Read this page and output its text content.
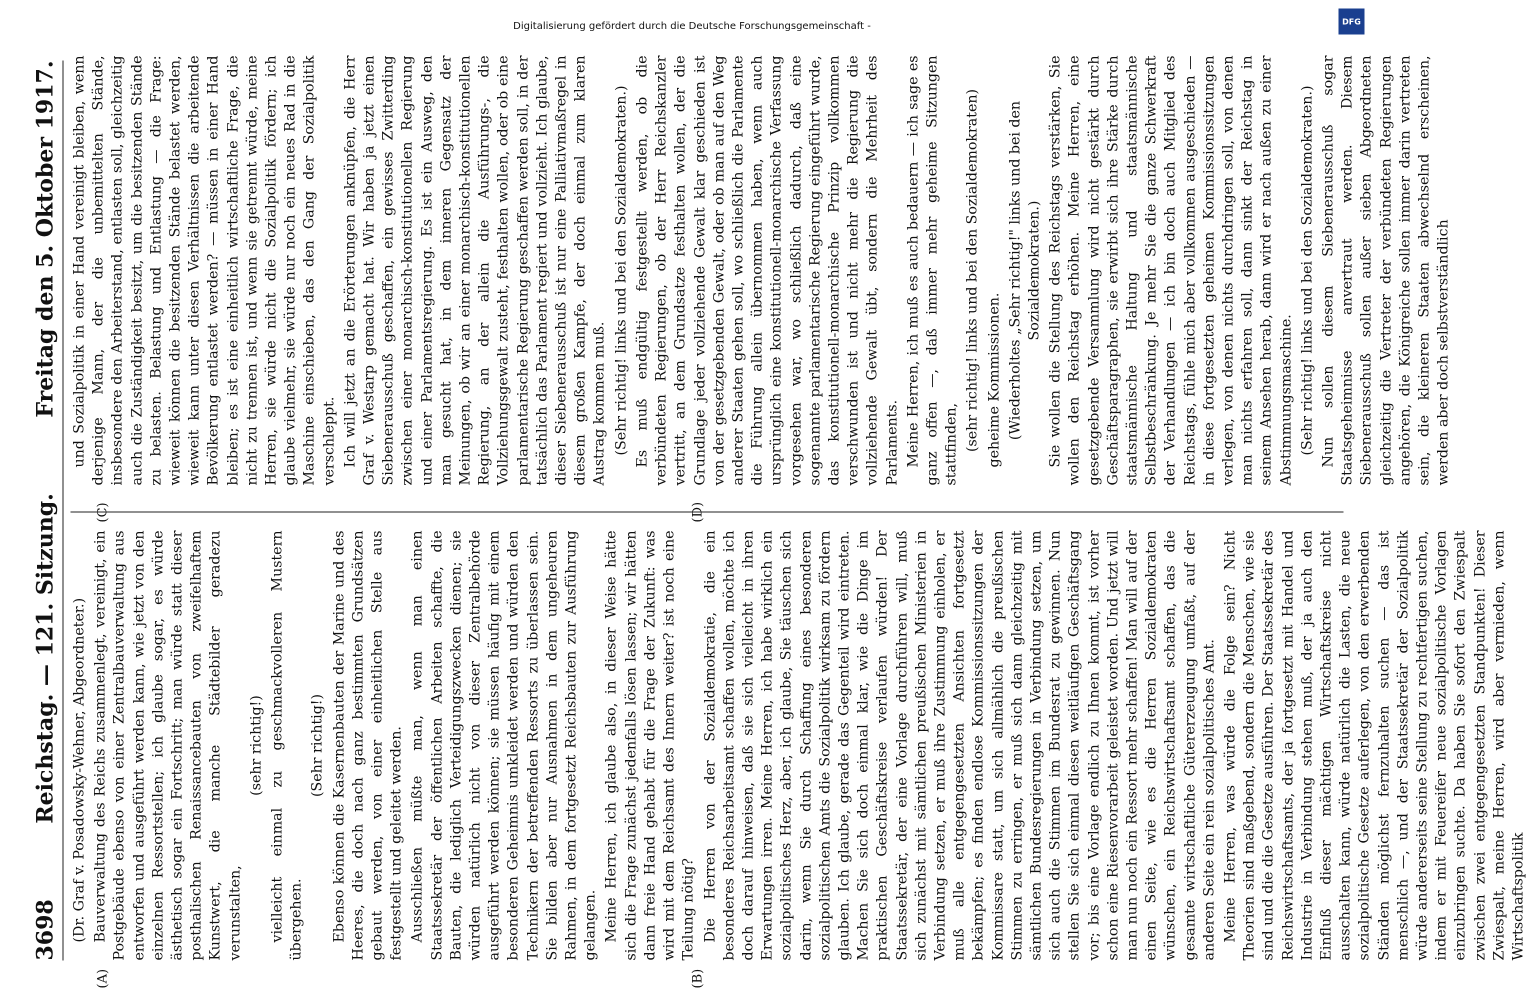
3698
Reichstag. — 121. Sitzung.
Freitag den 5. Oktober 1917.
(A)	(B)
(C)	(D)

(Dr. Graf v. Posadowsky-Wehner, Abgeordneter.) Bauverwaltung des Reichs zusammenlegt, vereinigt, ein Postgebäude ebenso von einer Zentralbauverwaltung aus entworfen und ausgeführt werden kann, wie jetzt von den einzelnen Ressortstellen; ich glaube sogar, es würde ästhetisch sogar ein Fortschritt; man würde statt dieser posthalischen Renaissancebauten von zweifelhaftem Kunstwert, die manche Städtebilder geradezu verunstalten,

(sehr richtig!) vielleicht einmal zu geschmackvolleren Mustern übergehen.

(Sehr richtig!) Ebenso können die Kasernenbauten der Marine und des Heeres, die doch nach ganz bestimmten Grundsätzen gebaut werden, von einer einheitlichen Stelle aus festgestellt und geleitet werden. Ausschließen müßte man, wenn man einen Staatssekretär der öffentlichen Arbeiten schaffte, die Bauten, die lediglich Verteidigungszwecken dienen; sie würden natürlich nicht von dieser Zentralbehörde ausgeführt werden können; sie müssen häufig mit einem besonderen Geheimnis umkleidet werden und würden den Technikern der betreffenden Ressorts zu überlassen sein. Sie bilden aber nur Ausnahmen in dem ungeheuren Rahmen, in dem fortgesetzt Reichsbauten zur Ausführung gelangen. Meine Herren, ich glaube also, in dieser Weise hätte sich die Frage zunächst jedenfalls lösen lassen; wir hätten dann freie Hand gehabt für die Frage der Zukunft: was wird mit dem Reichsamt des Innern weiter? ist noch eine Teilung nötig? Die Herren von der Sozialdemokratie, die ein besonderes Reichsarbeitsamt schaffen wollen, möchte ich doch darauf hinweisen, daß sie sich vielleicht in ihren Erwartungen irren. Meine Herren, ich habe wirklich ein sozialpolitisches Herz, aber, ich glaube, Sie täuschen sich darin, wenn Sie durch Schaffung eines besonderen sozialpolitischen Amts die Sozialpolitik wirksam zu fördern glauben. Ich glaube, gerade das Gegenteil wird eintreten. Machen Sie sich doch einmal klar, wie die Dinge im praktischen Geschäftskreise verlaufen würden! Der Staatssekretär, der eine Vorlage durchführen will, muß sich zunächst mit sämtlichen preußischen Ministerien in Verbindung setzen, er muß ihre Zustimmung einholen, er muß alle entgegengesetzten Ansichten fortgesetzt bekämpfen; es finden endlose Kommissionssitzungen der Kommissare statt, um sich allmählich die preußischen Stimmen zu erringen, er muß sich dann gleichzeitig mit sämtlichen Bundesregierungen in Verbindung setzen, um sich auch die Stimmen im Bundesrat zu gewinnen. Nun stellen Sie sich einmal diesen weitläufigen Geschäftsgang vor; bis eine Vorlage endlich zu Ihnen kommt, ist vorher schon eine Riesenvorarbeit geleistet worden. Und jetzt will man nun noch ein Ressort mehr schaffen! Man will auf der einen Seite, wie es die Herren Sozialdemokraten wünschen, ein Reichswirtschaftsamt schaffen, das die gesamte wirtschaftliche Gütererzeugung umfaßt, auf der anderen Seite ein rein sozialpolitisches Amt. Meine Herren, was würde die Folge sein? Nicht Theorien sind maßgebend, sondern die Menschen, wie sie sind und die die Gesetze ausführen. Der Staatssekretär des Reichswirtschaftsamts, der ja fortgesetzt mit Handel und Industrie in Verbindung stehen muß, der ja auch den Einfluß dieser mächtigen Wirtschaftskreise nicht ausschalten kann, würde natürlich die Lasten, die neue sozialpolitische Gesetze auferlegen, von den erwerbenden Ständen möglichst fernzuhalten suchen — das ist menschlich —, und der Staatssekretär der Sozialpolitik würde andererseits seine Stellung zu rechtfertigen suchen, indem er mit Feuereifer neue sozialpolitische Vorlagen einzubringen suchte. Da haben Sie sofort den Zwiespalt zwischen zwei entgegengesetzten Standpunkten! Dieser Zwiespalt, meine Herren, wird aber vermieden, wenn Wirtschaftspolitik

und Sozialpolitik in einer Hand vereinigt bleiben, wenn derjenige Mann, der die unbemittelten Stände, insbesondere den Arbeiterstand, entlasten soll, gleichzeitig auch die Zuständigkeit besitzt, um die besitzenden Stände zu belasten. Belastung und Entlastung — die Frage: wieweit können die besitzenden Stände belastet werden, wieweit kann unter diesen Verhältnissen die arbeitende Bevölkerung entlastet werden? — müssen in einer Hand bleiben; es ist eine einheitlich wirtschaftliche Frage, die nicht zu trennen ist, und wenn sie getrennt würde, meine Herren, sie würde nicht die Sozialpolitik fördern; ich glaube vielmehr, sie würde nur noch ein neues Rad in die Maschine einschieben, das den Gang der Sozialpolitik verschleppt. Ich will jetzt an die Erörterungen anknüpfen, die Herr Graf v. Westarp gemacht hat. Wir haben ja jetzt einen Siebenerausschuß geschaffen, ein gewisses Zwitterding zwischen einer monarchisch-konstitutionellen Regierung und einer Parlamentsregierung. Es ist ein Ausweg, den man gesucht hat, in dem inneren Gegensatz der Meinungen, ob wir an einer monarchisch-konstitutionellen Regierung, an der allein die Ausführungs-, die Vollziehungsgewalt zusteht, festhalten wollen, oder ob eine parlamentarische Regierung geschaffen werden soll, in der tatsächlich das Parlament regiert und vollzieht. Ich glaube, dieser Siebenerausschuß ist nur eine Palliativmaßregel in diesem großen Kampfe, der doch einmal zum klaren Austrag kommen muß. (Sehr richtig! links und bei den Sozialdemokraten.) Es muß endgültig festgestellt werden, ob die verbündeten Regierungen, ob der Herr Reichskanzler vertritt, an dem Grundsatze festhalten wollen, der die Grundlage jeder vollziehende Gewalt klar geschieden ist von der gesetzgebenden Gewalt, oder ob man auf den Weg anderer Staaten gehen soll, wo schließlich die Parlamente die Führung allein übernommen haben, wenn auch ursprünglich eine konstitutionell-monarchische Verfassung vorgesehen war, wo schließlich dadurch, daß eine sogenannte parlamentarische Regierung eingeführt wurde, das konstitutionell-monarchische Prinzip vollkommen verschwunden ist und nicht mehr die Regierung die vollziehende Gewalt übt, sondern die Mehrheit des Parlaments. Meine Herren, ich muß es auch bedauern — ich sage es ganz offen —, daß immer mehr geheime Sitzungen stattfinden, (sehr richtig! links und bei den Sozialdemokraten) geheime Kommissionen. (Wiederholtes „Sehr richtig!" links und bei den Sozialdemokraten.) Sie wollen die Stellung des Reichstags verstärken, Sie wollen den Reichstag erhöhen. Meine Herren, eine gesetzgebende Versammlung wird nicht gestärkt durch Geschäftsparagraphen, sie erwirbt sich ihre Stärke durch staatsmännische Haltung und staatsmännische Selbstbeschränkung. Je mehr Sie die ganze Schwerkraft der Verhandlungen — ich bin doch auch Mitglied des Reichstags, fühle mich aber vollkommen ausgeschieden — in diese fortgesetzten geheimen Kommissionssitzungen verlegen, von denen nichts durchdringen soll, von denen man nichts erfahren soll, dann sinkt der Reichstag in seinem Ansehen herab, dann wird er nach außen zu einer Abstimmungsmaschine. (Sehr richtig! links und bei den Sozialdemokraten.) Nun sollen diesem Siebenerausschuß sogar Staatsgeheimnisse anvertraut werden. Diesem Siebenerausschuß sollen außer sieben Abgeordneten gleichzeitig die Vertreter der verbündeten Regierungen angehören, die Königreiche sollen immer darin vertreten sein, die kleineren Staaten abwechselnd erscheinen, werden aber doch selbstverständlich

Digitalisierung gefördert durch die Deutsche Forschungsgemeinschaft -	DFG
